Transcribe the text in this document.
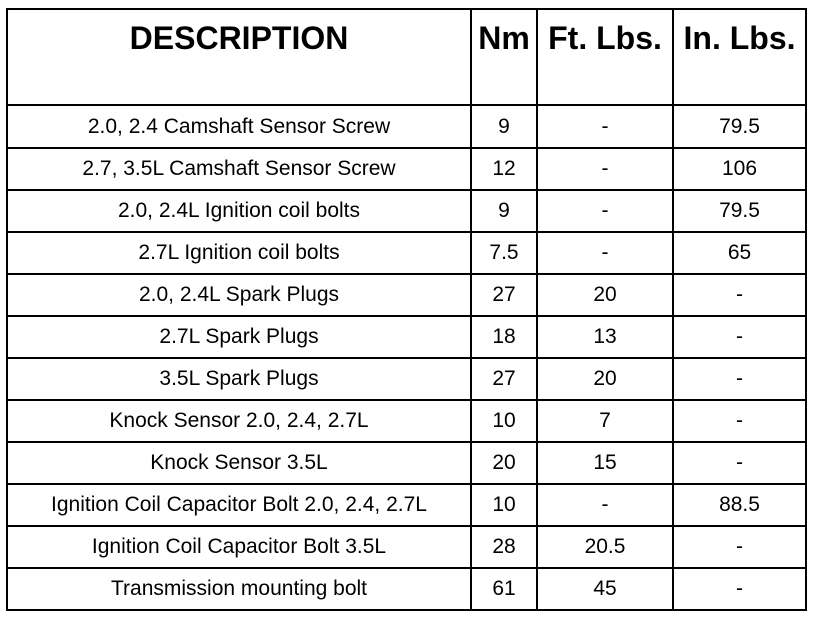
DESCRIPTION	Nm	Ft. Lbs.	In. Lbs.
2.0, 2.4 Camshaft Sensor Screw	9	-	79.5
2.7, 3.5L Camshaft Sensor Screw	12	-	106
2.0, 2.4L Ignition coil bolts	9	-	79.5
2.7L Ignition coil bolts	7.5	-	65
2.0, 2.4L Spark Plugs	27	20	-
2.7L Spark Plugs	18	13	-
3.5L Spark Plugs	27	20	-
Knock Sensor 2.0, 2.4, 2.7L	10	7	-
Knock Sensor 3.5L	20	15	-
Ignition Coil Capacitor Bolt 2.0, 2.4, 2.7L	10	-	88.5
Ignition Coil Capacitor Bolt 3.5L	28	20.5	-
Transmission mounting bolt	61	45	-
